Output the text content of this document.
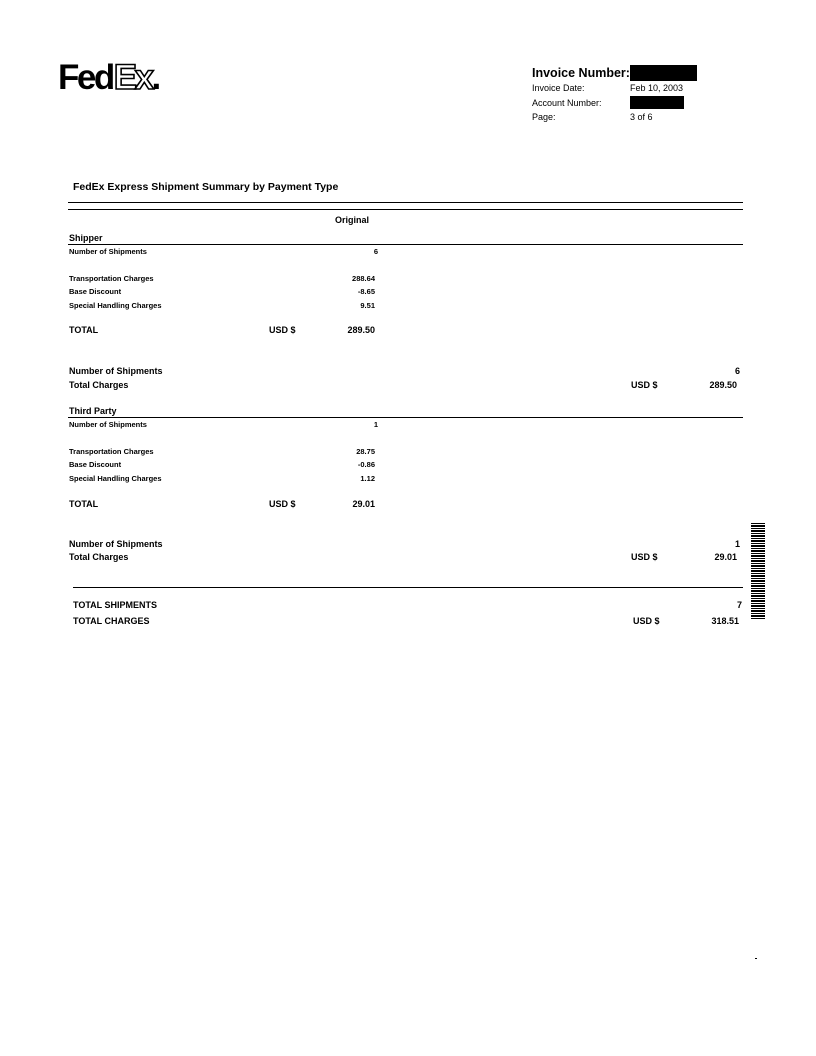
FedEx.	Invoice Number:
Invoice Date:	Feb 10, 2003
Account Number:
Page:	3 of 6
FedEx Express Shipment Summary by Payment Type
Original
Shipper
Number of Shipments	6
Transportation Charges	288.64
Base Discount	-8.65
Special Handling Charges	9.51
TOTAL	USD $	289.50
Number of Shipments	6
Total Charges	USD $	289.50
Third Party
Number of Shipments	1
Transportation Charges	28.75
Base Discount	-0.86
Special Handling Charges	1.12
TOTAL	USD $	29.01
Number of Shipments	1
Total Charges	USD $	29.01
TOTAL SHIPMENTS	7
TOTAL CHARGES	USD $	318.51
